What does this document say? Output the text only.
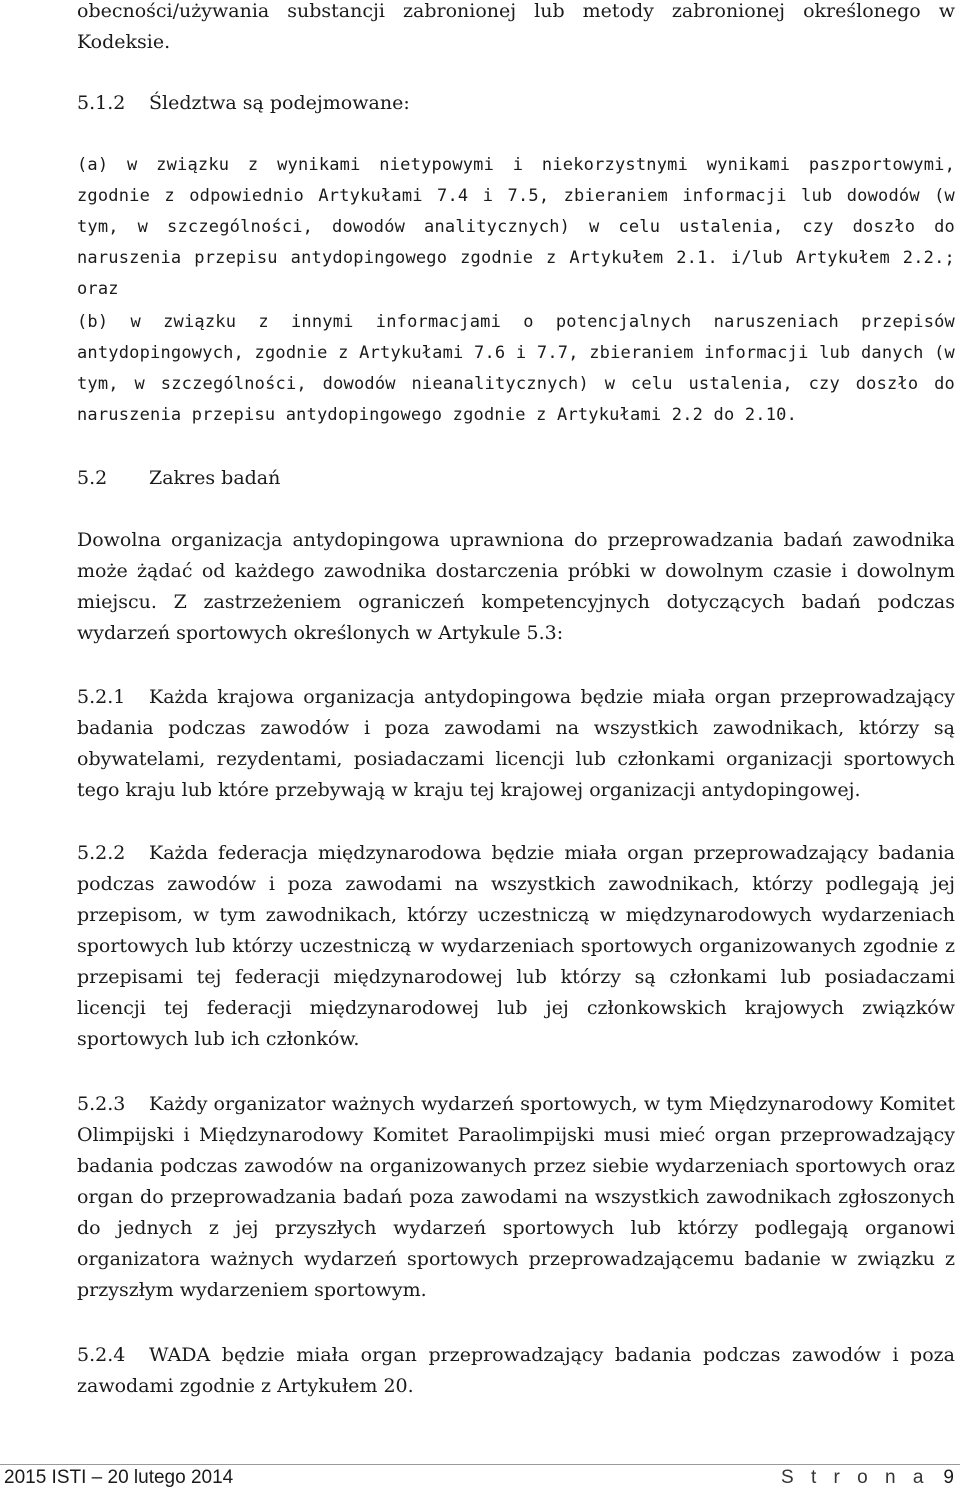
obecności/używania substancji zabronionej lub metody zabronionej określonego w Kodeksie.

5.1.2 Śledztwa są podejmowane:

(a) w związku z wynikami nietypowymi i niekorzystnymi wynikami paszportowymi, zgodnie z odpowiednio Artykułami 7.4 i 7.5, zbieraniem informacji lub dowodów (w tym, w szczególności, dowodów analitycznych) w celu ustalenia, czy doszło do naruszenia przepisu antydopingowego zgodnie z Artykułem 2.1. i/lub Artykułem 2.2.; oraz

(b) w związku z innymi informacjami o potencjalnych naruszeniach przepisów antydopingowych, zgodnie z Artykułami 7.6 i 7.7, zbieraniem informacji lub danych (w tym, w szczególności, dowodów nieanalitycznych) w celu ustalenia, czy doszło do naruszenia przepisu antydopingowego zgodnie z Artykułami 2.2 do 2.10.

5.2 Zakres badań

Dowolna organizacja antydopingowa uprawniona do przeprowadzania badań zawodnika może żądać od każdego zawodnika dostarczenia próbki w dowolnym czasie i dowolnym miejscu. Z zastrzeżeniem ograniczeń kompetencyjnych dotyczących badań podczas wydarzeń sportowych określonych w Artykule 5.3:

5.2.1 Każda krajowa organizacja antydopingowa będzie miała organ przeprowadzający badania podczas zawodów i poza zawodami na wszystkich zawodnikach, którzy są obywatelami, rezydentami, posiadaczami licencji lub członkami organizacji sportowych tego kraju lub które przebywają w kraju tej krajowej organizacji antydopingowej.

5.2.2 Każda federacja międzynarodowa będzie miała organ przeprowadzający badania podczas zawodów i poza zawodami na wszystkich zawodnikach, którzy podlegają jej przepisom, w tym zawodnikach, którzy uczestniczą w międzynarodowych wydarzeniach sportowych lub którzy uczestniczą w wydarzeniach sportowych organizowanych zgodnie z przepisami tej federacji międzynarodowej lub którzy są członkami lub posiadaczami licencji tej federacji międzynarodowej lub jej członkowskich krajowych związków sportowych lub ich członków.

5.2.3 Każdy organizator ważnych wydarzeń sportowych, w tym Międzynarodowy Komitet Olimpijski i Międzynarodowy Komitet Paraolimpijski musi mieć organ przeprowadzający badania podczas zawodów na organizowanych przez siebie wydarzeniach sportowych oraz organ do przeprowadzania badań poza zawodami na wszystkich zawodnikach zgłoszonych do jednych z jej przyszłych wydarzeń sportowych lub którzy podlegają organowi organizatora ważnych wydarzeń sportowych przeprowadzającemu badanie w związku z przyszłym wydarzeniem sportowym.

5.2.4 WADA będzie miała organ przeprowadzający badania podczas zawodów i poza zawodami zgodnie z Artykułem 20.

2015 ISTI – 20 lutego 2014	S t r o n a 9
